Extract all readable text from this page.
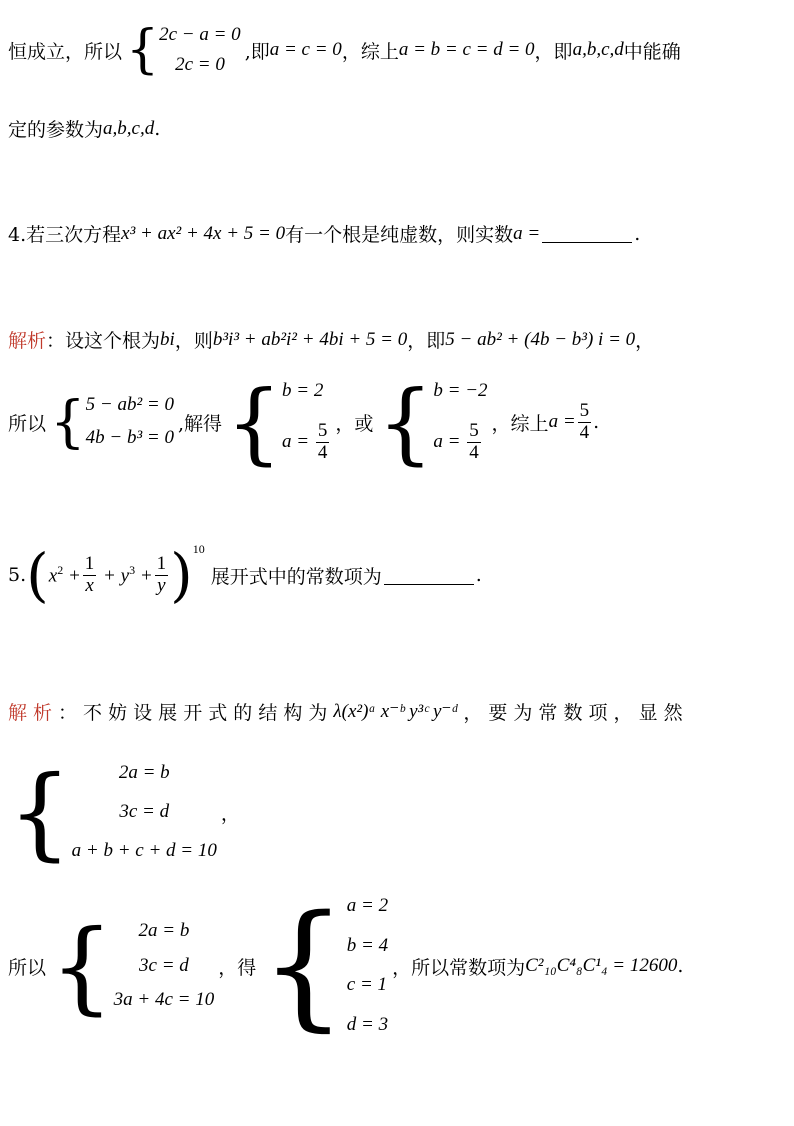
恒成立，所以 { 2c − a = 0
2c = 0
,即 a = c = 0 ，综上 a = b = c = d = 0 ，即 a,b,c,d 中能确
定的参数为 a,b,c,d .
4.若三次方程 x³ + ax² + 4x + 5 = 0 有一个根是纯虚数，则实数 a =	.
解析 ： 设这个根为 bi ，则 b³i³ + ab²i² + 4bi + 5 = 0 ，即 5 − ab² + (4b − b³) i = 0 ，
所以 { 5 − ab² = 0
4b − b³ = 0
,解得 { b = 2
$a = \frac{5}{4}$ ，或 { b = −2
$a = \frac{5}{4}$ ，综上 $a = \frac{5}{4}$ .
5. ( $x^2 + \frac{1}{x} + y^3 + \frac{1}{y} )^{10}$
展开式中的常数项为	.
解析 ： 不 妨 设 展 开 式 的 结 构 为 λ(x²)ᵃ x⁻ᵇ y³ᶜ y⁻ᵈ ， 要 为 常 数 项 ， 显 然
{ 2a = b
3c = d
a + b + c + d = 10
，
所以 { 2a = b
3c = d
3a + 4c = 10
，得 { a = 2
b = 4
c = 1
d = 3
，所以常数项为 C²₁₀C⁴₈C¹₄ = 12600 .
